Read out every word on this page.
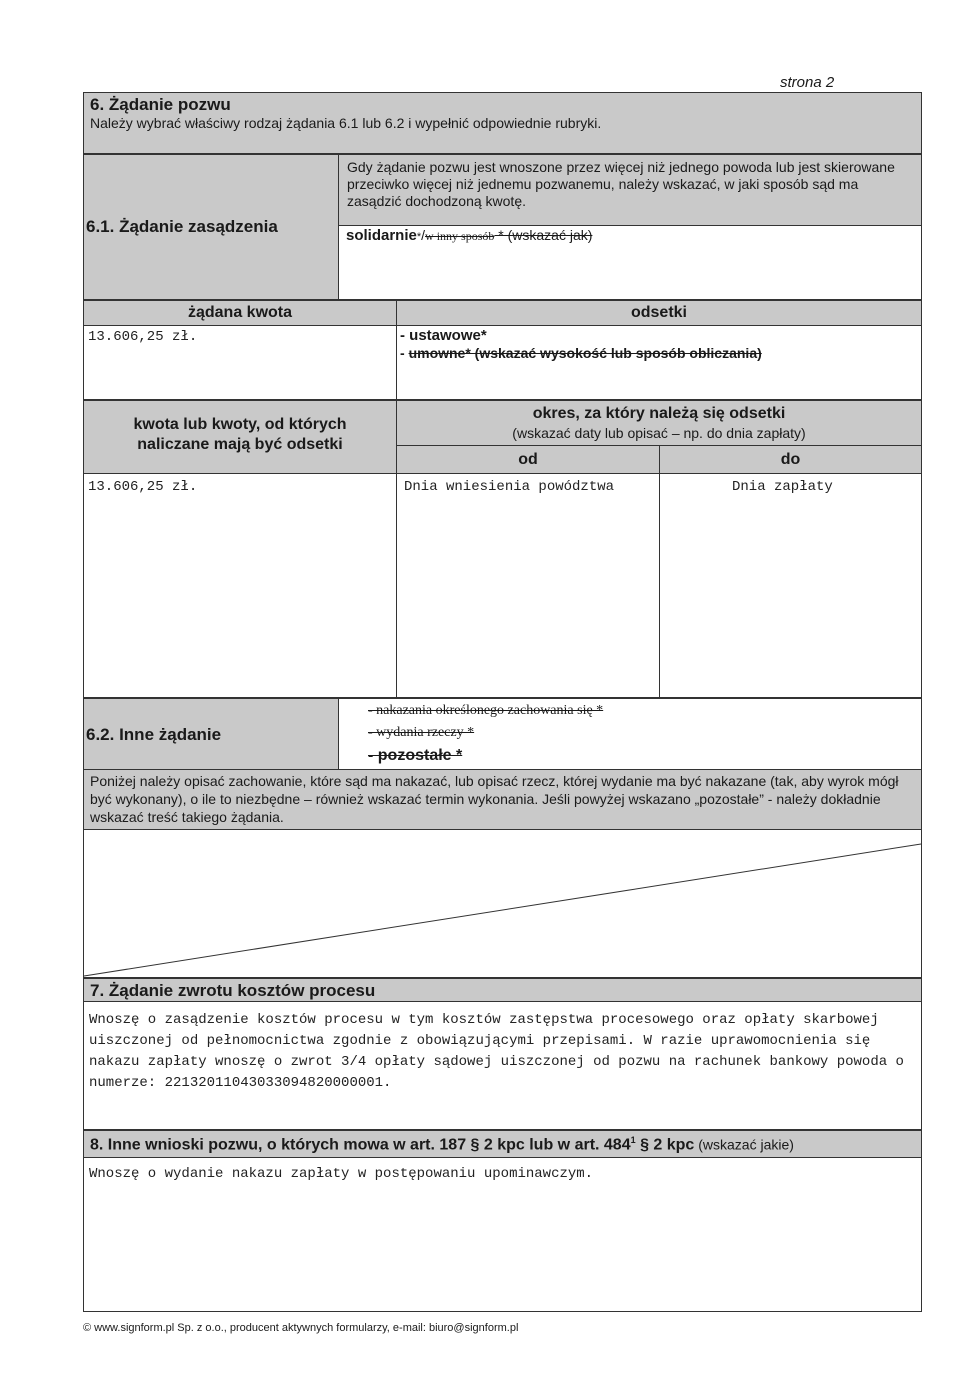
strona 2
6. Żądanie pozwu
Należy wybrać właściwy rodzaj żądania 6.1 lub 6.2 i wypełnić odpowiednie rubryki.
6.1. Żądanie zasądzenia
Gdy żądanie pozwu jest wnoszone przez więcej niż jednego powoda lub jest skierowane przeciwko więcej niż jednemu pozwanemu, należy wskazać, w jaki sposób sąd ma zasądzić dochodzoną kwotę.
solidarnie*/w inny sposób * (wskazać jak)
żądana kwota	odsetki
13.606,25 zł.	- ustawowe*
- umowne* (wskazać wysokość lub sposób obliczania)
kwota lub kwoty, od których naliczane mają być odsetki
okres, za który należą się odsetki
(wskazać daty lub opisać – np. do dnia zapłaty)
od	do
13.606,25 zł.	Dnia wniesienia powództwa	Dnia zapłaty
6.2. Inne żądanie
- nakazania określonego zachowania się *
- wydania rzeczy *
- pozostałe *
Poniżej należy opisać zachowanie, które sąd ma nakazać, lub opisać rzecz, której wydanie ma być nakazane (tak, aby wyrok mógł być wykonany), o ile to niezbędne – również wskazać termin wykonania. Jeśli powyżej wskazano „pozostałe” - należy dokładnie wskazać treść takiego żądania.
7. Żądanie zwrotu kosztów procesu
Wnoszę o zasądzenie kosztów procesu w tym kosztów zastępstwa procesowego oraz opłaty skarbowej uiszczonej od pełnomocnictwa zgodnie z obowiązującymi przepisami. W razie uprawomocnienia się nakazu zapłaty wnoszę o zwrot 3/4 opłaty sądowej uiszczonej od pozwu na rachunek bankowy powoda o numerze: 22132011043033094820000001.
8. Inne wnioski pozwu, o których mowa w art. 187 § 2 kpc lub w art. $484^1$ § 2 kpc (wskazać jakie)
Wnoszę o wydanie nakazu zapłaty w postępowaniu upominawczym.
© www.signform.pl Sp. z o.o., producent aktywnych formularzy, e-mail: biuro@signform.pl
